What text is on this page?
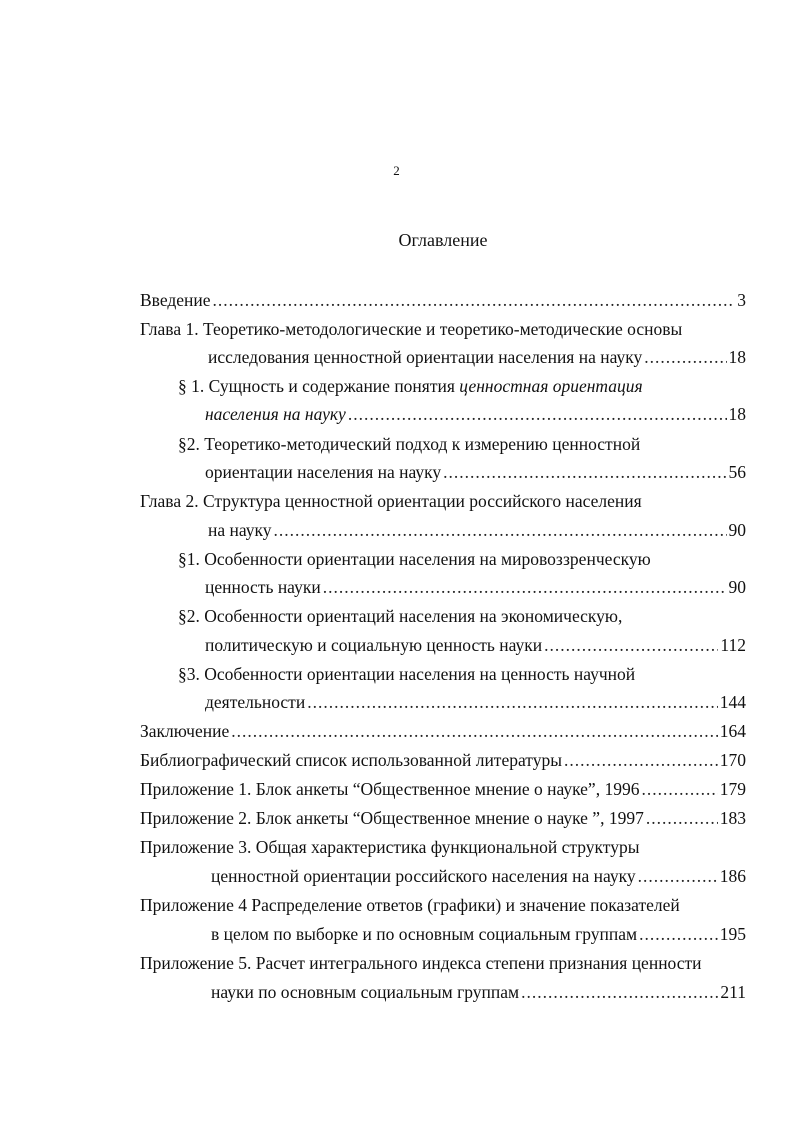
2
Оглавление
Введение .....	3
Глава 1. Теоретико-методологические и теоретико-методические основы
исследования ценностной ориентации населения на науку .....	18
§ 1. Сущность и содержание понятия ценностная ориентация
населения на науку .....	18
§2. Теоретико-методический подход к измерению ценностной
ориентации населения на науку .....	56
Глава 2. Структура ценностной ориентации российского населения
на науку .....	90
§1. Особенности ориентации населения на мировоззренческую
ценность науки .....	90
§2. Особенности ориентаций населения на экономическую,
политическую и социальную ценность науки .....	112
§3. Особенности ориентации населения на ценность научной
деятельности .....	144
Заключение .....	164
Библиографический список использованной литературы .....	170
Приложение 1. Блок анкеты “Общественное мнение о науке”, 1996 .....	179
Приложение 2. Блок анкеты “Общественное мнение о науке ”, 1997 .....	183
Приложение 3. Общая характеристика функциональной структуры
ценностной ориентации российского населения на науку .....	186
Приложение 4 Распределение ответов (графики) и значение показателей
в целом по выборке и по основным социальным группам .....	195
Приложение 5. Расчет интегрального индекса степени признания ценности
науки по основным социальным группам .....	211
